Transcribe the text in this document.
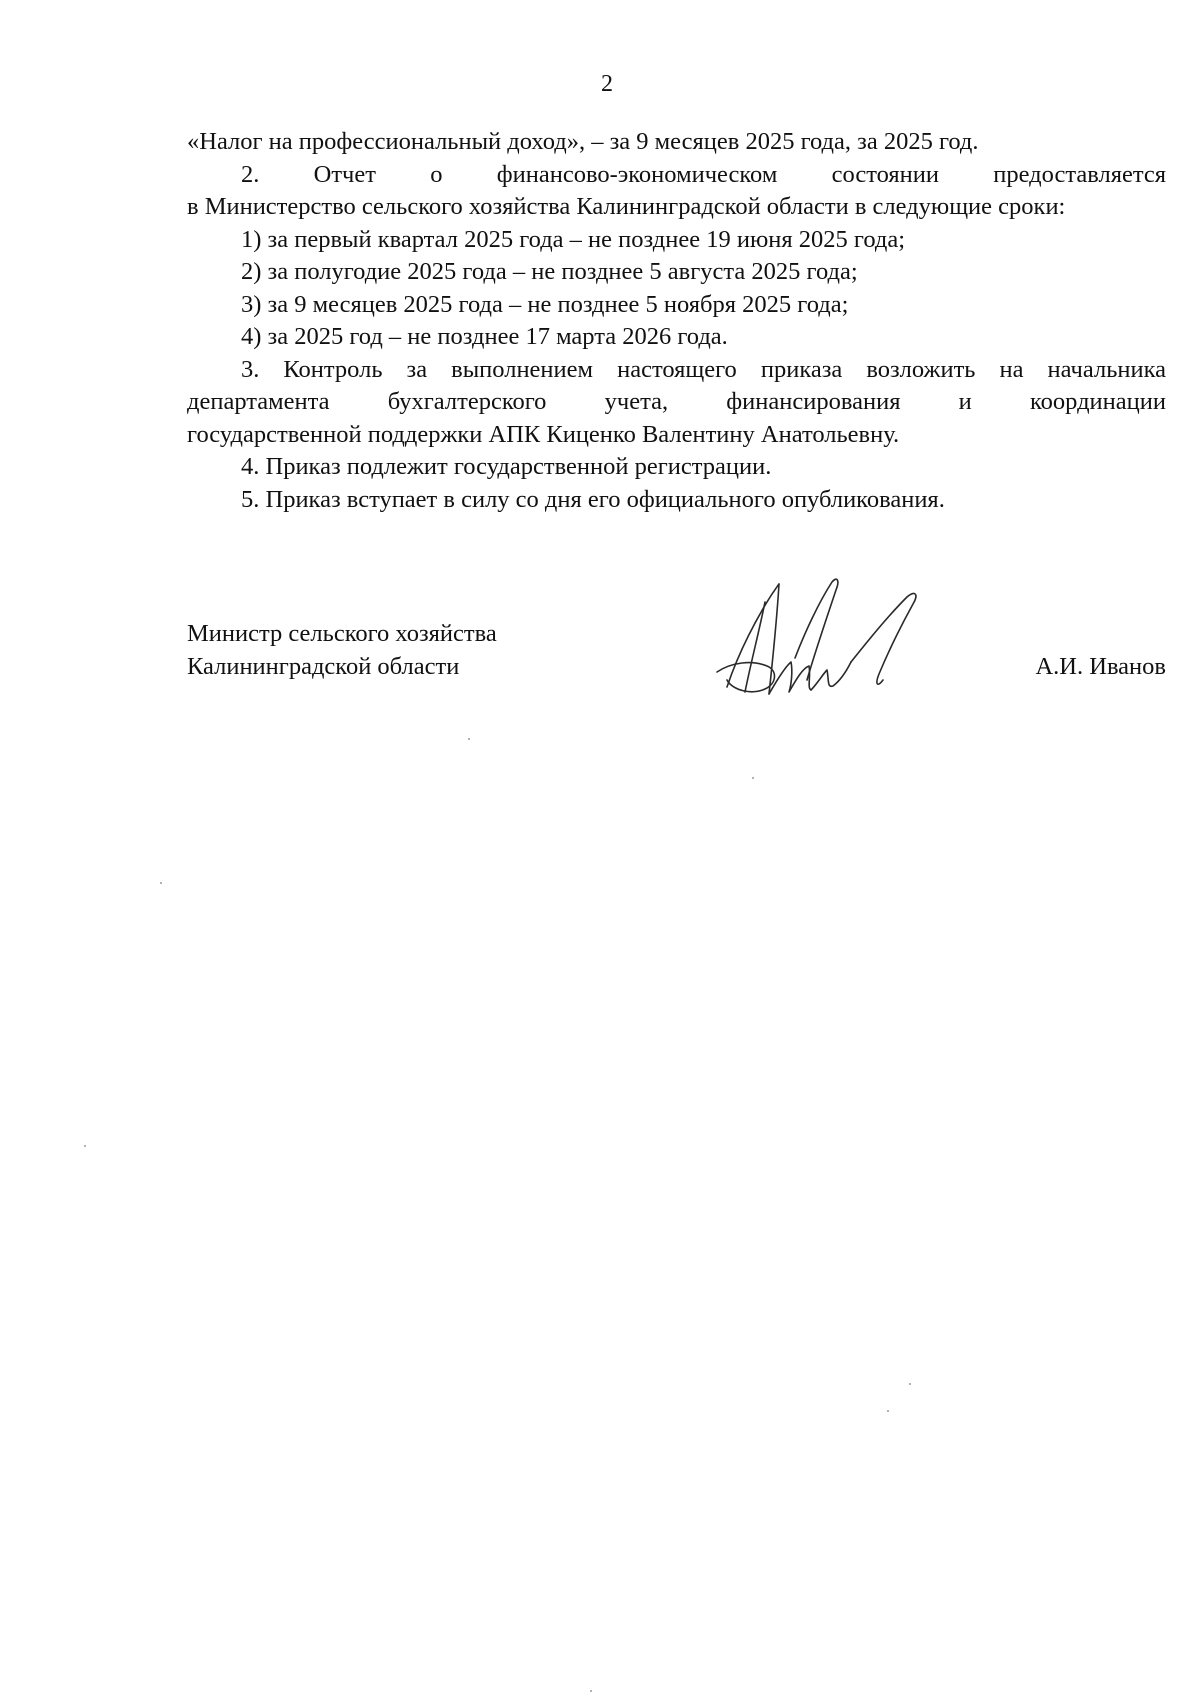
2

«Налог на профессиональный доход», – за 9 месяцев 2025 года, за 2025 год.

2. Отчет о финансово-экономическом состоянии предоставляется

в Министерство сельского хозяйства Калининградской области в следующие сроки:

1) за первый квартал 2025 года – не позднее 19 июня 2025 года;

2) за полугодие 2025 года – не позднее 5 августа 2025 года;

3) за 9 месяцев 2025 года – не позднее 5 ноября 2025 года;

4) за 2025 год – не позднее 17 марта 2026 года.

3. Контроль за выполнением настоящего приказа возложить на начальника

департамента бухгалтерского учета, финансирования и координации

государственной поддержки АПК Киценко Валентину Анатольевну.

4. Приказ подлежит государственной регистрации.

5. Приказ вступает в силу со дня его официального опубликования.

Министр сельского хозяйства
Калининградской области	А.И. Иванов
